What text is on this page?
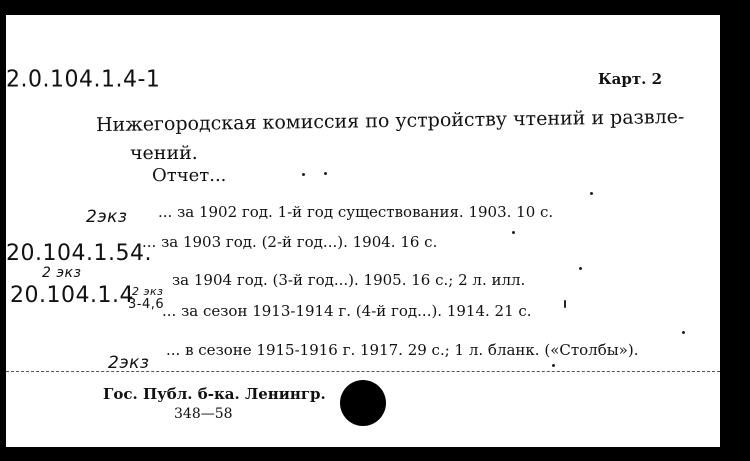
2.0.104.1.4-1	Карт. 2
Нижегородская комиссия по устройству чтений и развле-
чений.
Отчет...
2экз ... за 1902 год. 1-й год существования. 1903. 10 с.
20.104.1.54.
... за 1903 год. (2-й год...). 1904. 16 с.
2 экз
20.104.1.4
2 экз
3-4,6
за 1904 год. (3-й год...). 1905. 16 с.; 2 л. илл.
... за сезон 1913-1914 г. (4-й год...). 1914. 21 с.
2экз
... в сезоне 1915-1916 г. 1917. 29 с.; 1 л. бланк. («Столбы»).
Гос. Публ. б-ка. Ленингр.
348—58
